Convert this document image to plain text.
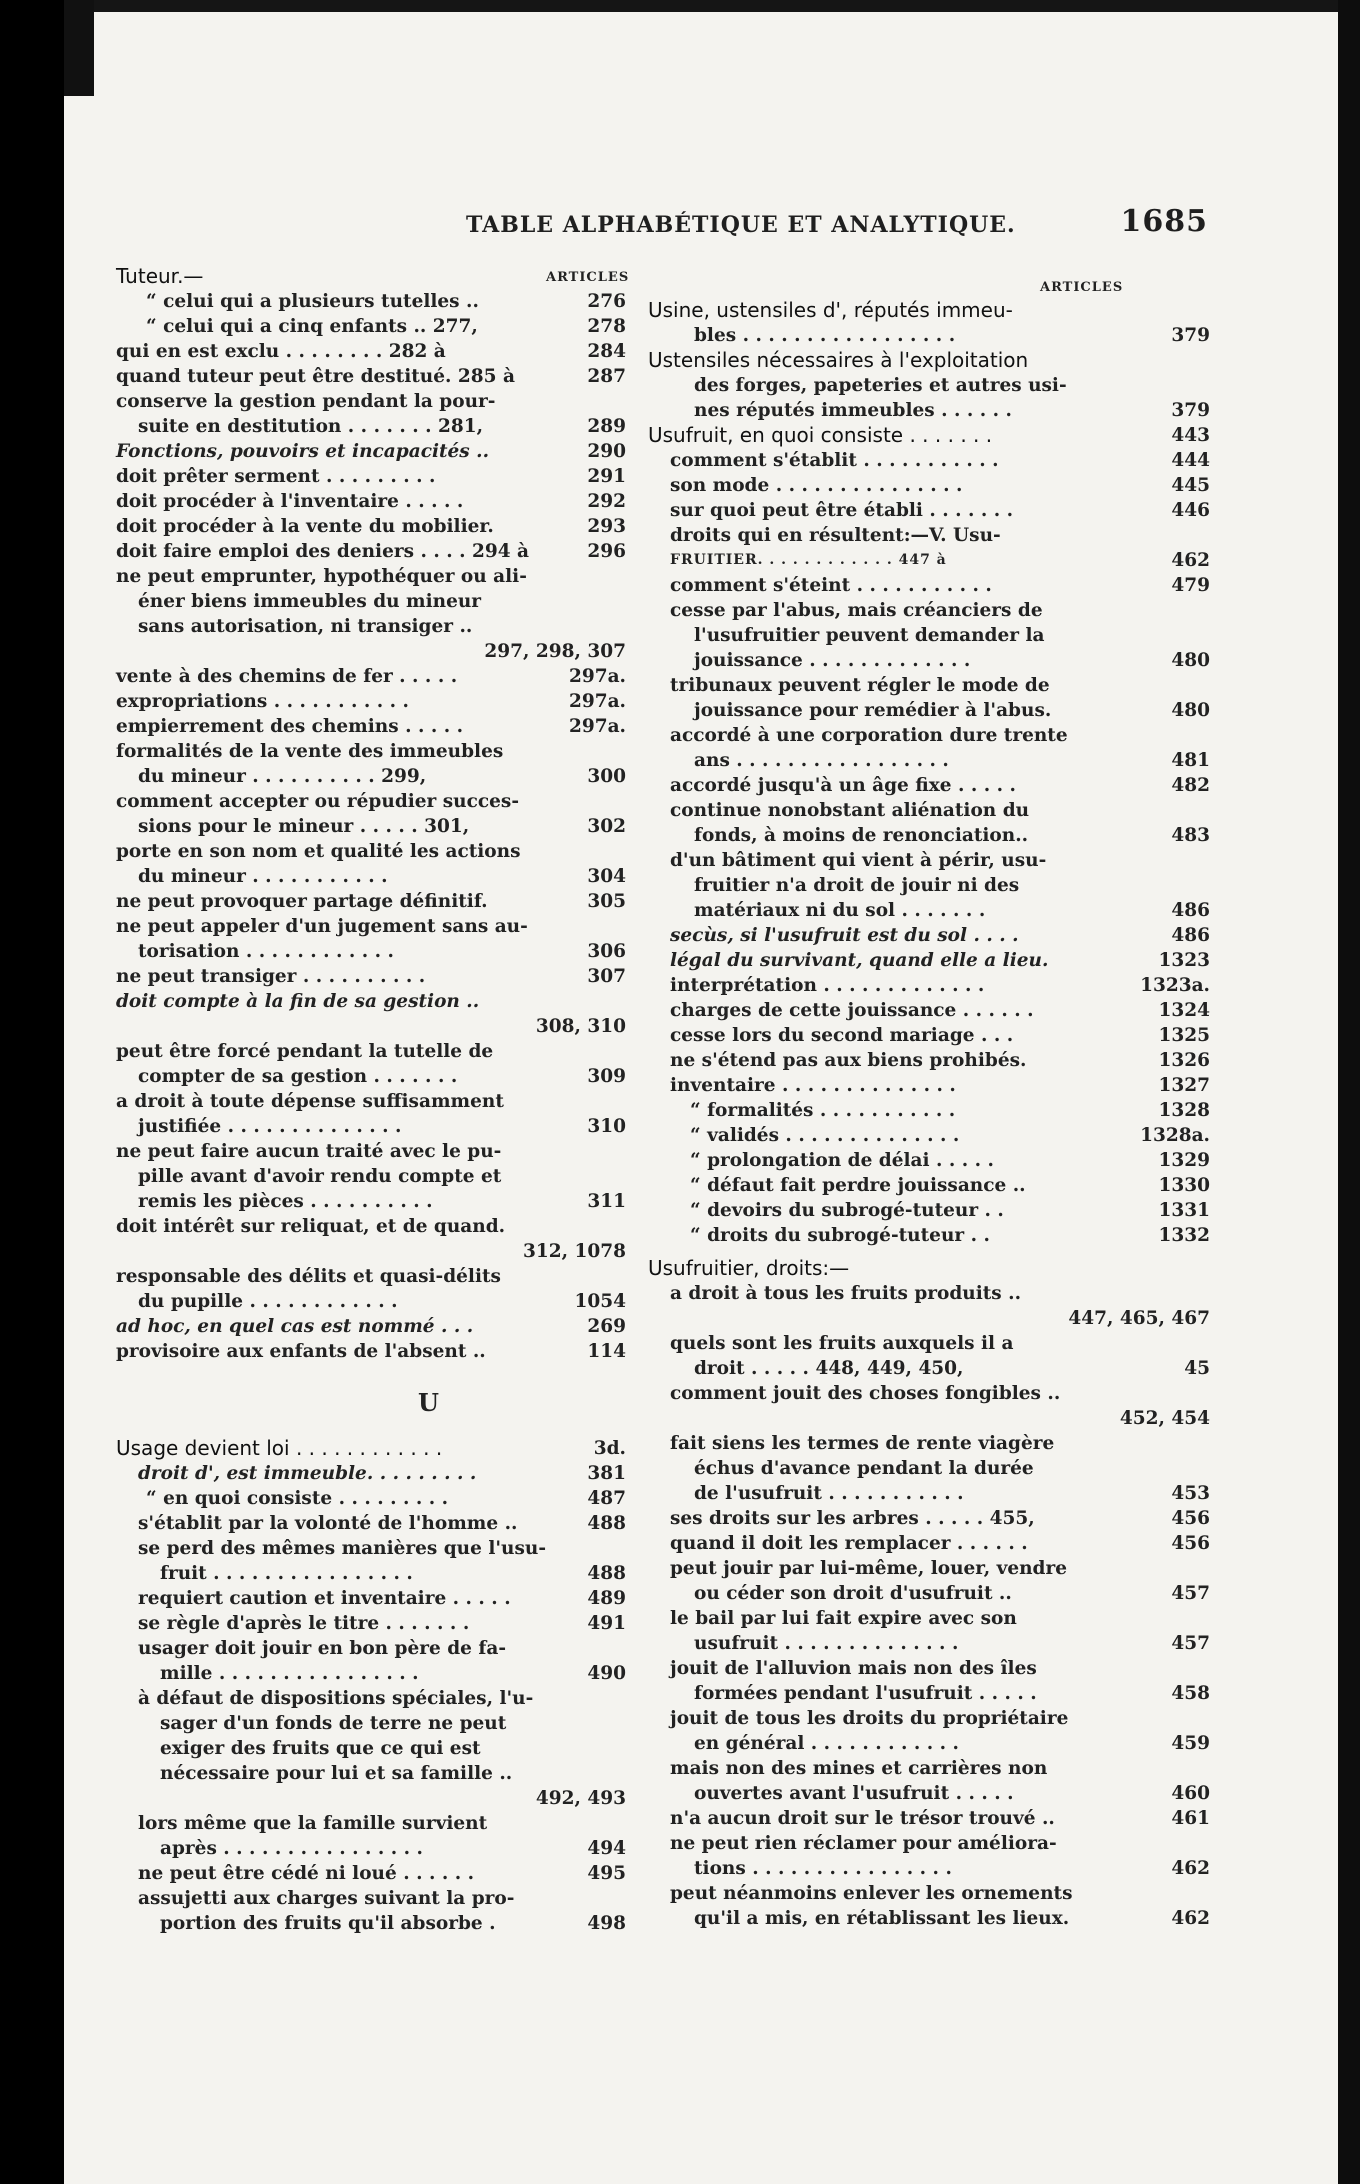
TABLE ALPHABÉTIQUE ET ANALYTIQUE.	1685
ARTICLES
Tuteur.—
“ celui qui a plusieurs tutelles ..	276
“ celui qui a cinq enfants .. 277,	278
qui en est exclu . . . . . . . . 282 à	284
quand tuteur peut être destitué. 285 à	287
conserve la gestion pendant la pour-
suite en destitution . . . . . . . 281,	289
Fonctions, pouvoirs et incapacités ..	290
doit prêter serment . . . . . . . . .	291
doit procéder à l'inventaire . . . . .	292
doit procéder à la vente du mobilier.	293
doit faire emploi des deniers . . . . 294 à	296
ne peut emprunter, hypothéquer ou ali-
éner biens immeubles du mineur
sans autorisation, ni transiger ..
297, 298, 307
vente à des chemins de fer . . . . .	297a.
expropriations . . . . . . . . . . .	297a.
empierrement des chemins . . . . .	297a.
formalités de la vente des immeubles
du mineur . . . . . . . . . . 299,	300
comment accepter ou répudier succes-
sions pour le mineur . . . . . 301,	302
porte en son nom et qualité les actions
du mineur . . . . . . . . . . .	304
ne peut provoquer partage définitif.	305
ne peut appeler d'un jugement sans au-
torisation . . . . . . . . . . . .	306
ne peut transiger . . . . . . . . . .	307
doit compte à la fin de sa gestion ..
308, 310
peut être forcé pendant la tutelle de
compter de sa gestion . . . . . . .	309
a droit à toute dépense suffisamment
justifiée . . . . . . . . . . . . . .	310
ne peut faire aucun traité avec le pu-
pille avant d'avoir rendu compte et
remis les pièces . . . . . . . . . .	311
doit intérêt sur reliquat, et de quand.
312, 1078
responsable des délits et quasi-délits
du pupille . . . . . . . . . . . .	1054
ad hoc, en quel cas est nommé . . .	269
provisoire aux enfants de l'absent ..	114
Usage devient loi . . . . . . . . . . . .	3d.
droit d', est immeuble. . . . . . . . .	381
“ en quoi consiste . . . . . . . . .	487
s'établit par la volonté de l'homme ..	488
se perd des mêmes manières que l'usu-
fruit . . . . . . . . . . . . . . . .	488
requiert caution et inventaire . . . . .	489
se règle d'après le titre . . . . . . .	491
usager doit jouir en bon père de fa-
mille . . . . . . . . . . . . . . . .	490
à défaut de dispositions spéciales, l'u-
sager d'un fonds de terre ne peut
exiger des fruits que ce qui est
nécessaire pour lui et sa famille ..
492, 493
lors même que la famille survient
après . . . . . . . . . . . . . . . .	494
ne peut être cédé ni loué . . . . . .	495
assujetti aux charges suivant la pro-
portion des fruits qu'il absorbe .	498
U
Usine, ustensiles d', réputés immeu-
bles . . . . . . . . . . . . . . . . .	379
Ustensiles nécessaires à l'exploitation
des forges, papeteries et autres usi-
nes réputés immeubles . . . . . .	379
Usufruit, en quoi consiste . . . . . . .	443
comment s'établit . . . . . . . . . . .	444
son mode . . . . . . . . . . . . . . .	445
sur quoi peut être établi . . . . . . .	446
droits qui en résultent:—V. Usu-
FRUITIER. . . . . . . . . . . . 447 à	462
comment s'éteint . . . . . . . . . . .	479
cesse par l'abus, mais créanciers de
l'usufruitier peuvent demander la
jouissance . . . . . . . . . . . . .	480
tribunaux peuvent régler le mode de
jouissance pour remédier à l'abus.	480
accordé à une corporation dure trente
ans . . . . . . . . . . . . . . . . .	481
accordé jusqu'à un âge fixe . . . . .	482
continue nonobstant aliénation du
fonds, à moins de renonciation..	483
d'un bâtiment qui vient à périr, usu-
fruitier n'a droit de jouir ni des
matériaux ni du sol . . . . . . .	486
secùs, si l'usufruit est du sol . . . .	486
légal du survivant, quand elle a lieu.	1323
interprétation . . . . . . . . . . . . .	1323a.
charges de cette jouissance . . . . . .	1324
cesse lors du second mariage . . .	1325
ne s'étend pas aux biens prohibés.	1326
inventaire . . . . . . . . . . . . . .	1327
“ formalités . . . . . . . . . . .	1328
“ validés . . . . . . . . . . . . . .	1328a.
“ prolongation de délai . . . . .	1329
“ défaut fait perdre jouissance ..	1330
“ devoirs du subrogé-tuteur . .	1331
“ droits du subrogé-tuteur . .	1332
Usufruitier, droits:—
a droit à tous les fruits produits ..
447, 465, 467
quels sont les fruits auxquels il a
droit . . . . . 448, 449, 450,	45
comment jouit des choses fongibles ..
452, 454
fait siens les termes de rente viagère
échus d'avance pendant la durée
de l'usufruit . . . . . . . . . . .	453
ses droits sur les arbres . . . . . 455,	456
quand il doit les remplacer . . . . . .	456
peut jouir par lui-même, louer, vendre
ou céder son droit d'usufruit ..	457
le bail par lui fait expire avec son
usufruit . . . . . . . . . . . . . .	457
jouit de l'alluvion mais non des îles
formées pendant l'usufruit . . . . .	458
jouit de tous les droits du propriétaire
en général . . . . . . . . . . . .	459
mais non des mines et carrières non
ouvertes avant l'usufruit . . . . .	460
n'a aucun droit sur le trésor trouvé ..	461
ne peut rien réclamer pour améliora-
tions . . . . . . . . . . . . . . . .	462
peut néanmoins enlever les ornements
qu'il a mis, en rétablissant les lieux.	462
ARTICLES
